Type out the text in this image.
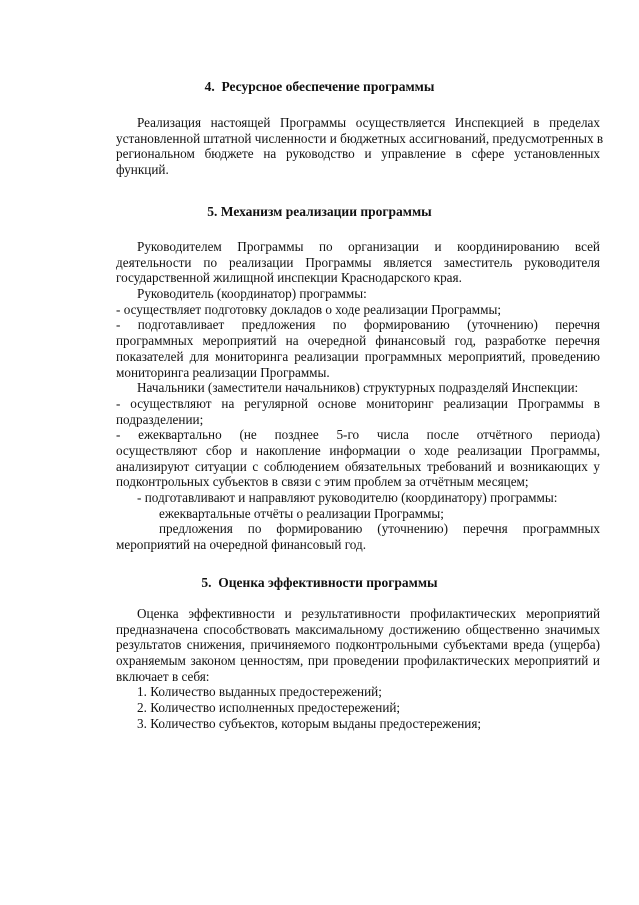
4.  Ресурсное обеспечение программы
Реализация настоящей Программы осуществляется Инспекцией в пределах
установленной штатной численности и бюджетных ассигнований, предусмотренных в
региональном бюджете на руководство и управление в сфере установленных
функций.
5. Механизм реализации программы
Руководителем Программы по организации и координированию всей
деятельности по реализации Программы является заместитель руководителя
государственной жилищной инспекции Краснодарского края.
Руководитель (координатор) программы:
- осуществляет подготовку докладов о ходе реализации Программы;
- подготавливает предложения по формированию (уточнению) перечня
программных мероприятий на очередной финансовый год, разработке перечня
показателей для мониторинга реализации программных мероприятий, проведению
мониторинга реализации Программы.
Начальники (заместители начальников) структурных подразделяй Инспекции:
- осуществляют на регулярной основе мониторинг реализации Программы в
подразделении;
- ежеквартально (не позднее 5-го числа после отчётного периода)
осуществляют сбор и накопление информации о ходе реализации Программы,
анализируют ситуации с соблюдением обязательных требований и возникающих у
подконтрольных субъектов в связи с этим проблем за отчётным месяцем;
- подготавливают и направляют руководителю (координатору) программы:
ежеквартальные отчёты о реализации Программы;
предложения по формированию (уточнению) перечня программных
мероприятий на очередной финансовый год.
5.  Оценка эффективности программы
Оценка эффективности и результативности профилактических мероприятий
предназначена способствовать максимальному достижению общественно значимых
результатов снижения, причиняемого подконтрольными субъектами вреда (ущерба)
охраняемым законом ценностям, при проведении профилактических мероприятий и
включает в себя:
1. Количество выданных предостережений;
2. Количество исполненных предостережений;
3. Количество субъектов, которым выданы предостережения;
